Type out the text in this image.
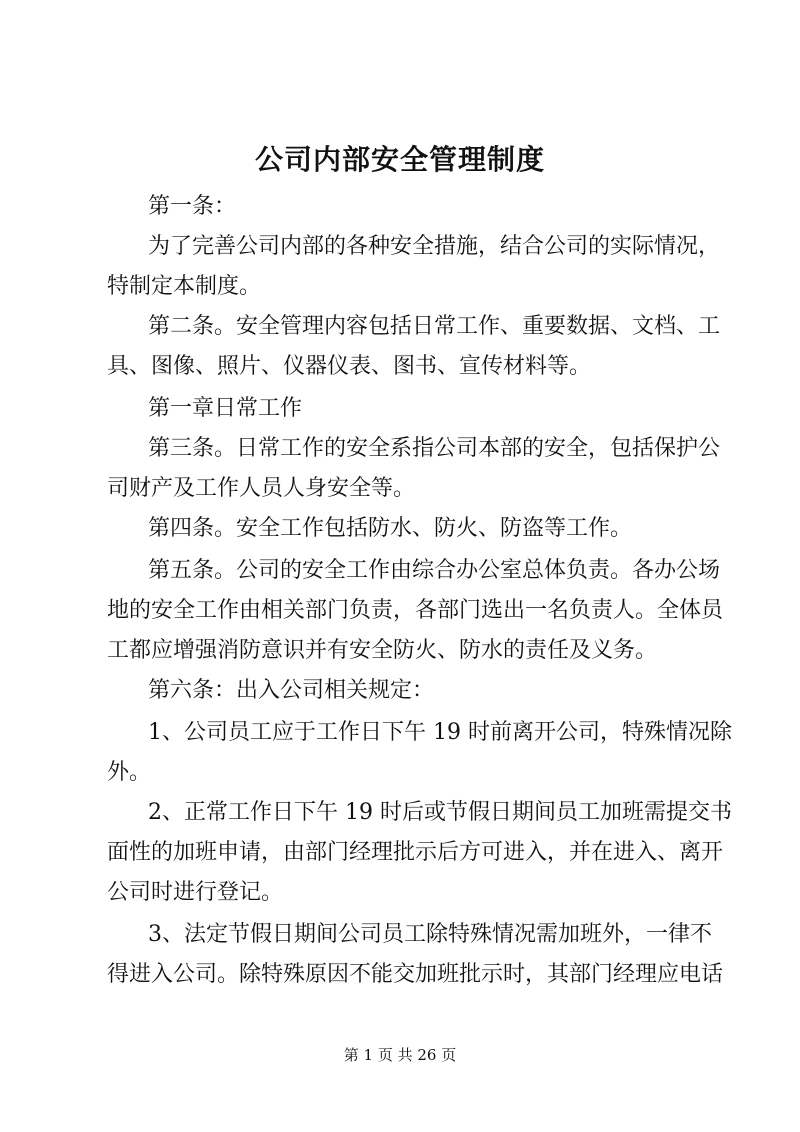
公司内部安全管理制度
第一条：
为了完善公司内部的各种安全措施，结合公司的实际情况，
特制定本制度。
第二条。安全管理内容包括日常工作、重要数据、文档、工
具、图像、照片、仪器仪表、图书、宣传材料等。
第一章日常工作
第三条。日常工作的安全系指公司本部的安全，包括保护公
司财产及工作人员人身安全等。
第四条。安全工作包括防水、防火、防盗等工作。
第五条。公司的安全工作由综合办公室总体负责。各办公场
地的安全工作由相关部门负责，各部门选出一名负责人。全体员
工都应增强消防意识并有安全防火、防水的责任及义务。
第六条：出入公司相关规定：
1、公司员工应于工作日下午 19 时前离开公司，特殊情况除
外。
2、正常工作日下午 19 时后或节假日期间员工加班需提交书
面性的加班申请，由部门经理批示后方可进入，并在进入、离开
公司时进行登记。
3、法定节假日期间公司员工除特殊情况需加班外，一律不
得进入公司。除特殊原因不能交加班批示时，其部门经理应电话
第 1 页 共 26 页
